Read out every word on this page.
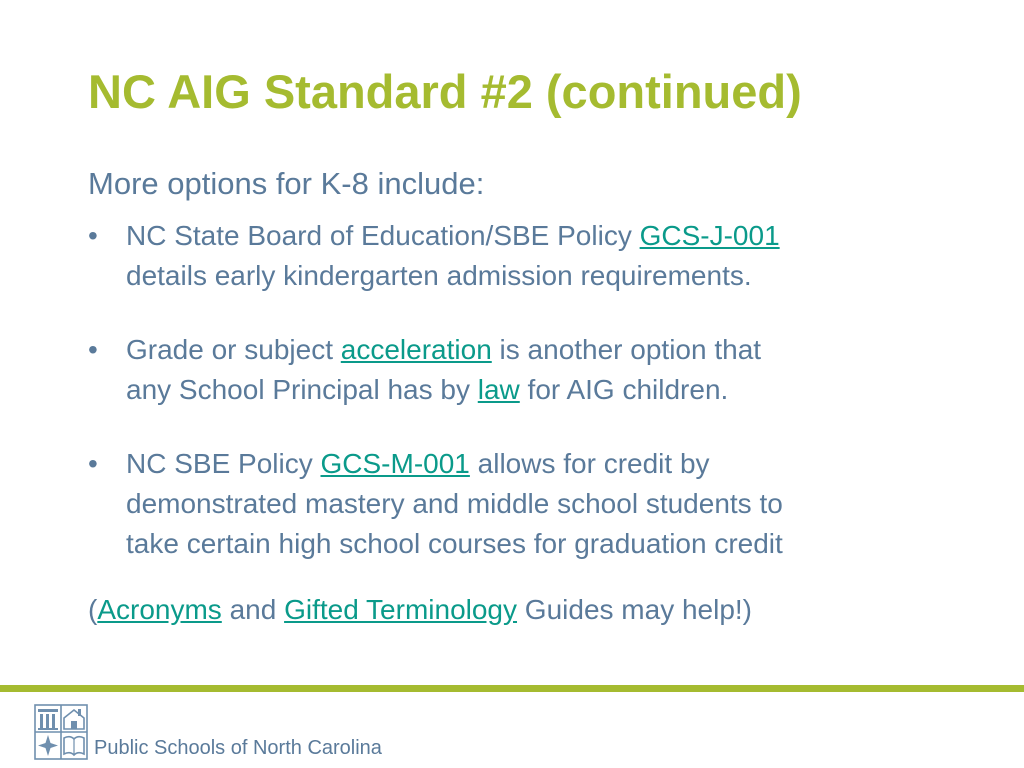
NC AIG Standard #2 (continued)

More options for K-8 include:

•	NC State Board of Education/SBE Policy GCS-J-001
details early kindergarten admission requirements.
•	Grade or subject acceleration is another option that
any School Principal has by law for AIG children.
•	NC SBE Policy GCS-M-001 allows for credit by
demonstrated mastery and middle school students to
take certain high school courses for graduation credit

(Acronyms and Gifted Terminology Guides may help!)

Public Schools of North Carolina
